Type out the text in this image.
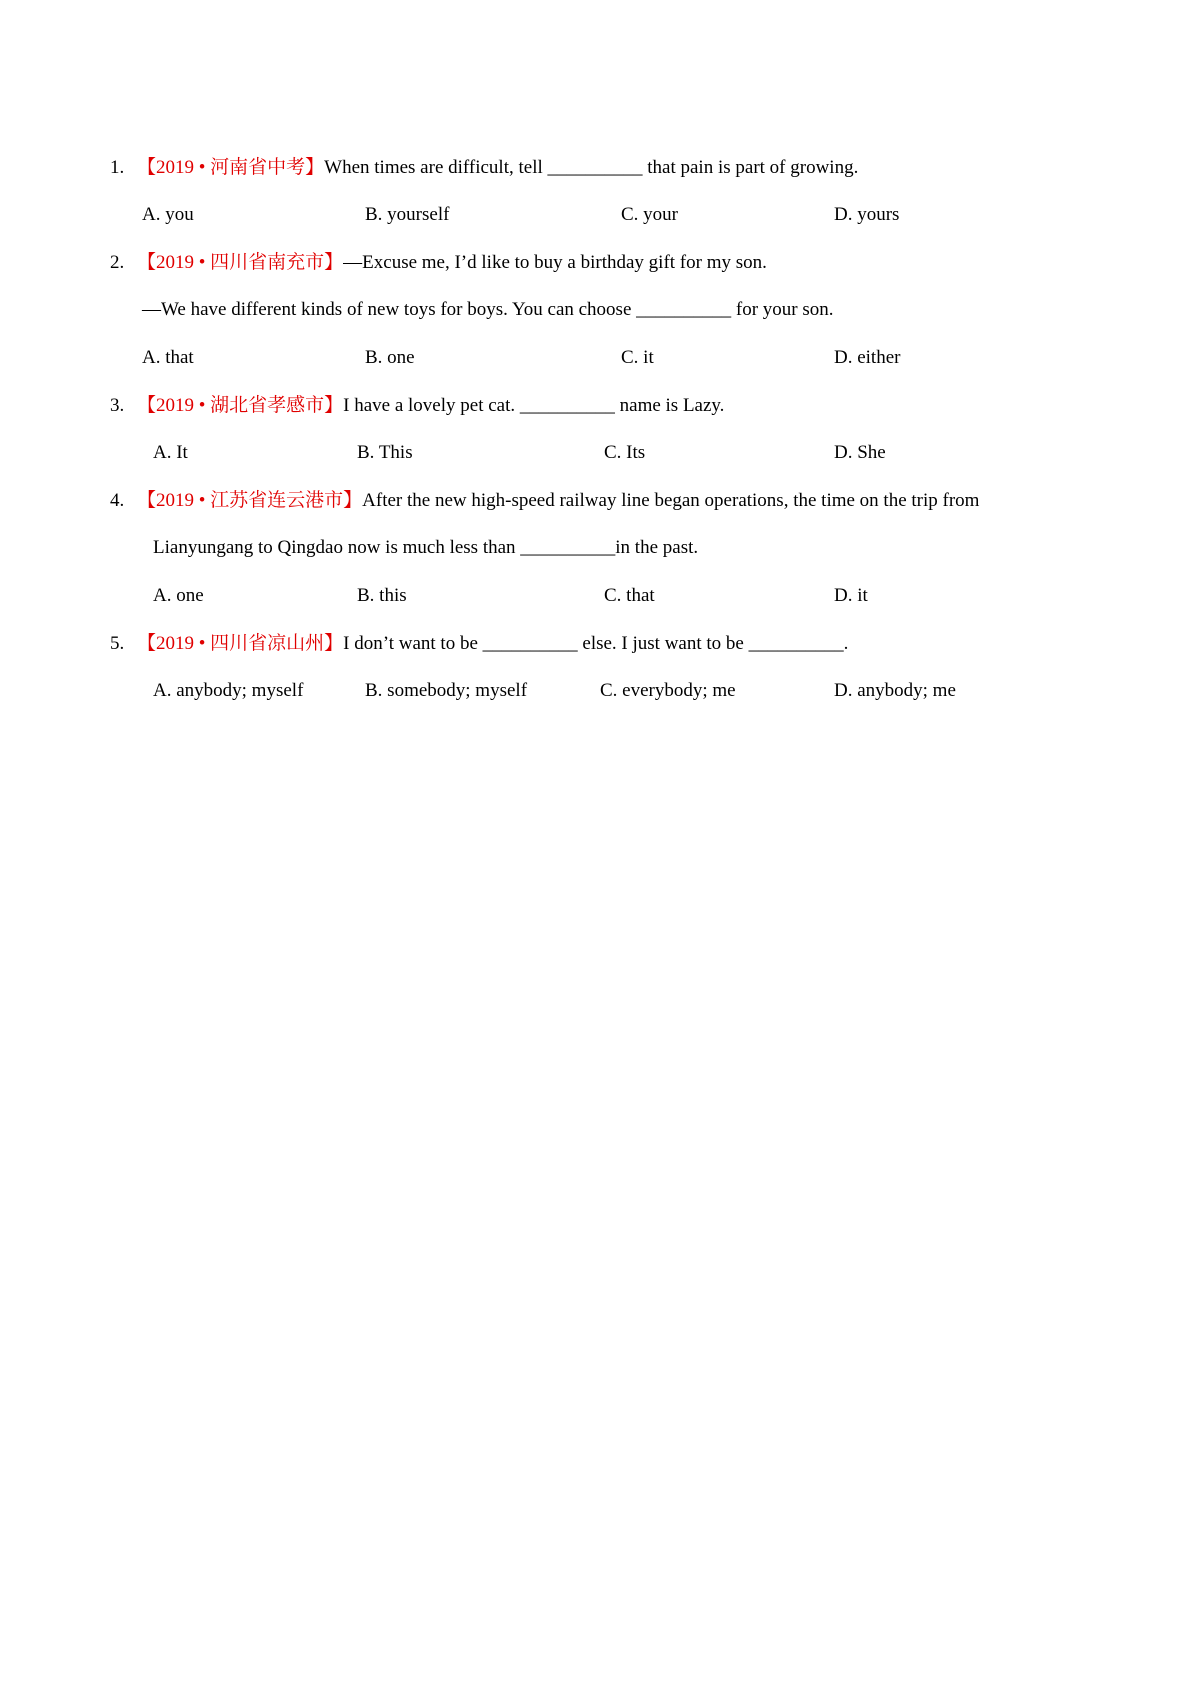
1. 【2019 • 河南省中考】When times are difficult, tell __________ that pain is part of growing.
A. you	B. yourself	C. your	D. yours
2. 【2019 • 四川省南充市】—Excuse me, I’d like to buy a birthday gift for my son.
—We have different kinds of new toys for boys. You can choose __________ for your son.
A. that	B. one	C. it	D. either
3. 【2019 • 湖北省孝感市】I have a lovely pet cat. __________ name is Lazy.
A. It	B. This	C. Its	D. She
4. 【2019 • 江苏省连云港市】After the new high-speed railway line began operations, the time on the trip from
Lianyungang to Qingdao now is much less than __________in the past.
A. one	B. this	C. that	D. it
5. 【2019 • 四川省凉山州】I don’t want to be __________ else. I just want to be __________.
A. anybody; myself	B. somebody; myself	C. everybody; me	D. anybody; me
